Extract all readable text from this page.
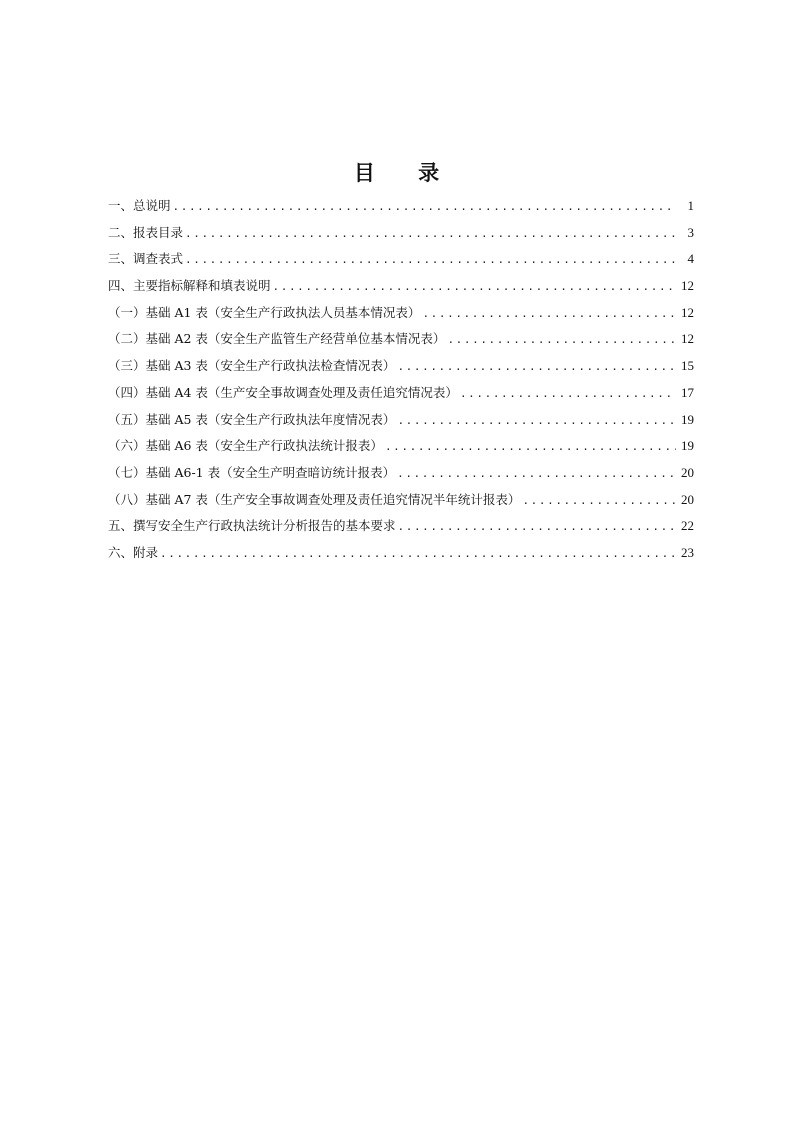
目 录
一、总说明 .....	1
二、报表目录 .....	3
三、调查表式 .....	4
四、主要指标解释和填表说明 .....	12
（一）基础 A1 表（安全生产行政执法人员基本情况表） .....	12
（二）基础 A2 表（安全生产监管生产经营单位基本情况表） .....	12
（三）基础 A3 表（安全生产行政执法检查情况表） .....	15
（四）基础 A4 表（生产安全事故调查处理及责任追究情况表） .....	17
（五）基础 A5 表（安全生产行政执法年度情况表） .....	19
（六）基础 A6 表（安全生产行政执法统计报表） .....	19
（七）基础 A6-1 表（安全生产明查暗访统计报表） .....	20
（八）基础 A7 表（生产安全事故调查处理及责任追究情况半年统计报表） .....	20
五、撰写安全生产行政执法统计分析报告的基本要求 .....	22
六、附录 .....	23
